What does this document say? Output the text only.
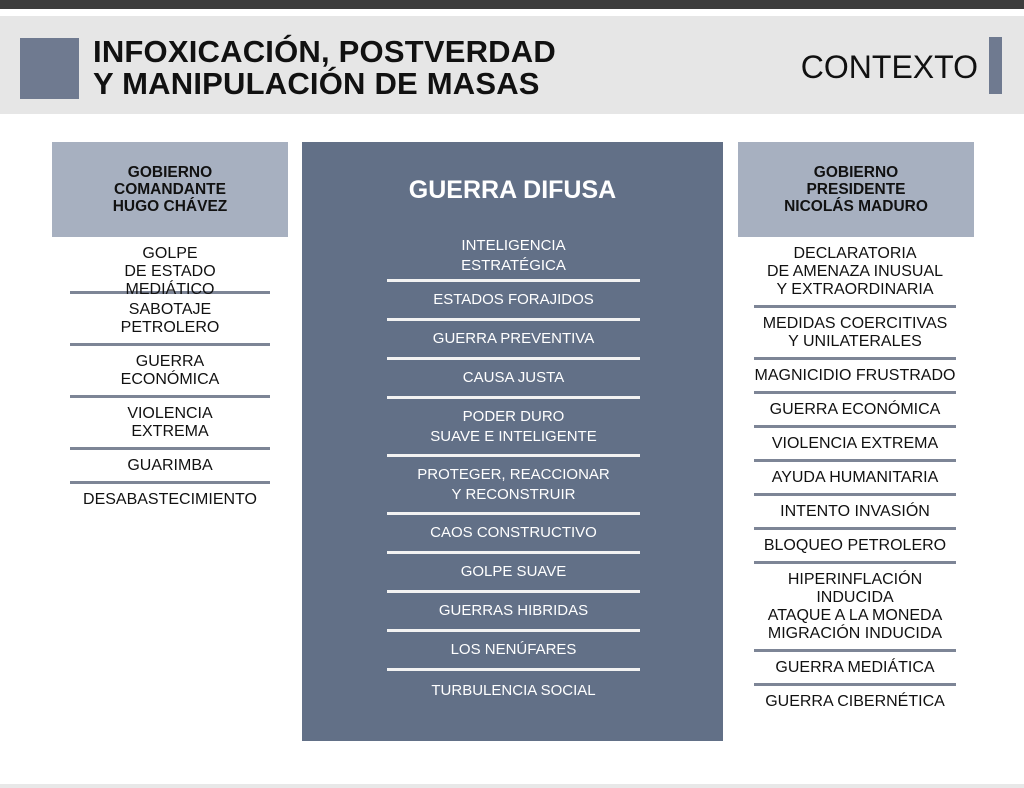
INFOXICACIÓN, POSTVERDAD
Y MANIPULACIÓN DE MASAS	CONTEXTO
GOBIERNO
COMANDANTE
HUGO CHÁVEZ
GOLPE
DE ESTADO
MEDIÁTICO
SABOTAJE
PETROLERO
GUERRA
ECONÓMICA
VIOLENCIA
EXTREMA
GUARIMBA
DESABASTECIMIENTO
GUERRA DIFUSA
INTELIGENCIA
ESTRATÉGICA
ESTADOS FORAJIDOS
GUERRA PREVENTIVA
CAUSA JUSTA
PODER DURO
SUAVE E INTELIGENTE
PROTEGER, REACCIONAR
Y RECONSTRUIR
CAOS CONSTRUCTIVO
GOLPE SUAVE
GUERRAS HIBRIDAS
LOS NENÚFARES
TURBULENCIA SOCIAL
GOBIERNO
PRESIDENTE
NICOLÁS MADURO
DECLARATORIA
DE AMENAZA INUSUAL
Y EXTRAORDINARIA
MEDIDAS COERCITIVAS
Y UNILATERALES
MAGNICIDIO FRUSTRADO
GUERRA ECONÓMICA
VIOLENCIA EXTREMA
AYUDA HUMANITARIA
INTENTO INVASIÓN
BLOQUEO PETROLERO
HIPERINFLACIÓN
INDUCIDA
ATAQUE A LA MONEDA
MIGRACIÓN INDUCIDA
GUERRA MEDIÁTICA
GUERRA CIBERNÉTICA
